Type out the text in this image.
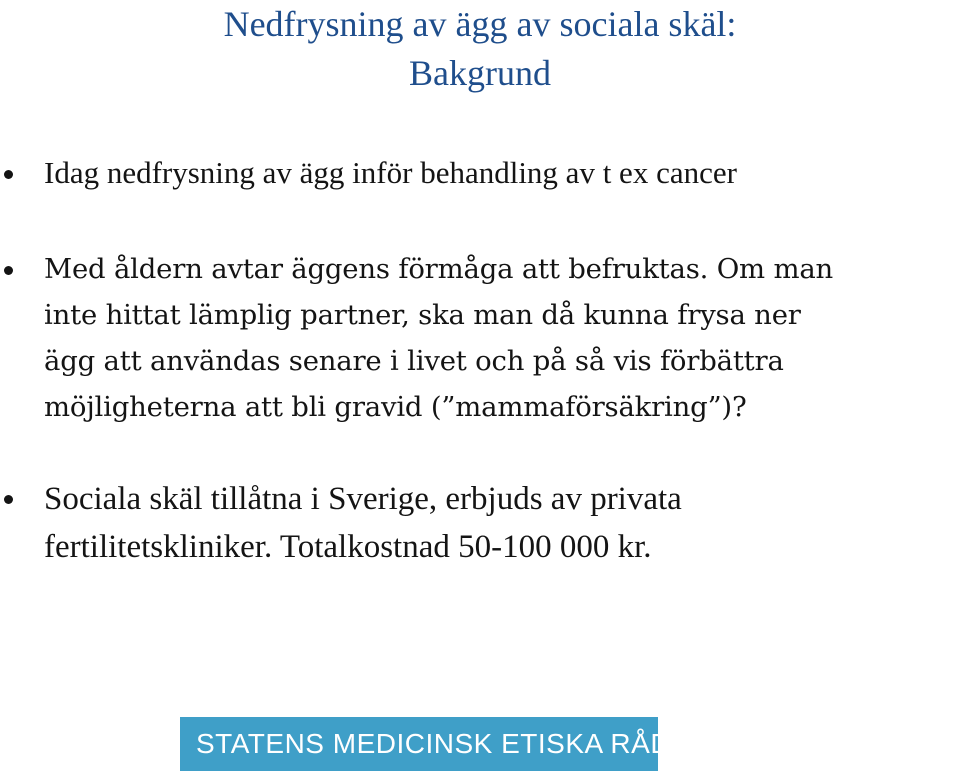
Nedfrysning av ägg av sociala skäl:
Bakgrund

Idag nedfrysning av ägg inför behandling av t ex cancer

Med åldern avtar äggens förmåga att befruktas. Om man
inte hittat lämplig partner, ska man då kunna frysa ner
ägg att användas senare i livet och på så vis förbättra
möjligheterna att bli gravid (”mammaförsäkring”)?

Sociala skäl tillåtna i Sverige, erbjuds av privata
fertilitetskliniker. Totalkostnad 50-100 000 kr.

STATENS MEDICINSK ETISKA RÅD
